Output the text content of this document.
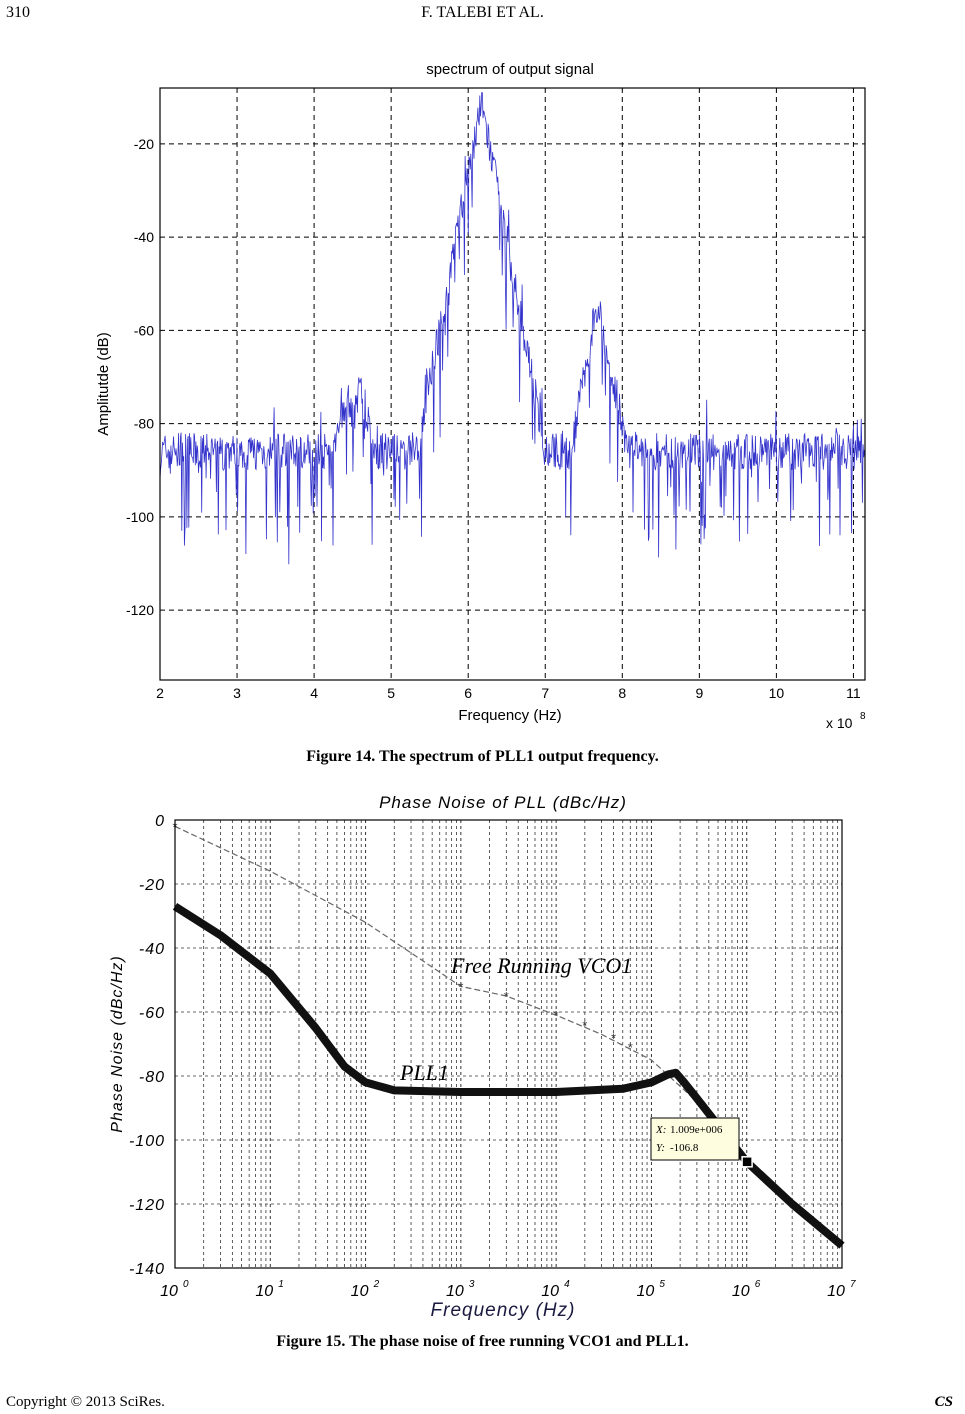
310	F. TALEBI ET AL.
2	3	4	5	6	7	8	9	10	11
-120
-100
-80
-60
-40
-20
spectrum of output signal
Frequency (Hz)
Amplitutde (dB)
x 10 8
Figure 14. The spectrum of PLL1 output frequency.
*
*
*
*
*
*
*
10 0	10 1	10 2	10 3	10 4	10 5	10 6	10 7
0
-20
-40
-60
-80
-100
-120
-140
Phase Noise of PLL (dBc/Hz)
Frequency (Hz)
Phase Noise (dBc/Hz)	Free Running VCO1
PLL1
X: 1.009e+006
Y: -106.8
Figure 15. The phase noise of free running VCO1 and PLL1.
Copyright © 2013 SciRes.	CS
